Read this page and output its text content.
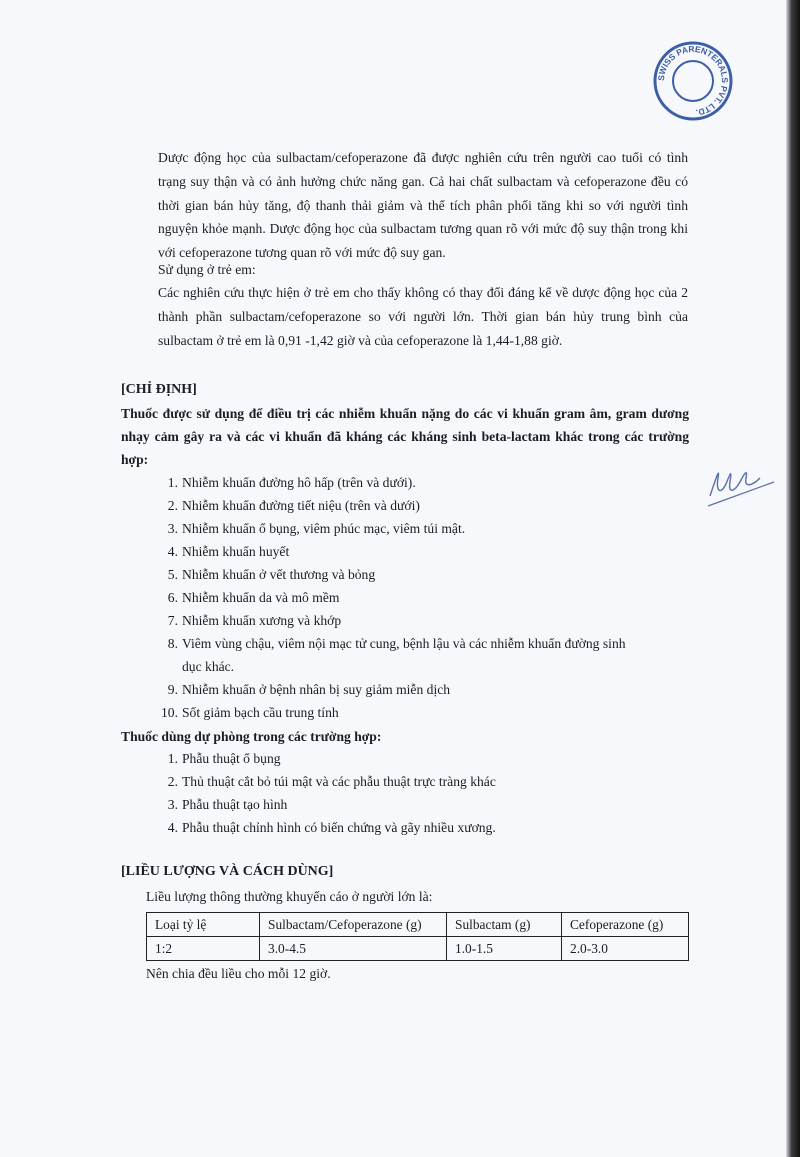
SWISS PARENTERALS PVT. LTD.
Dược động học của sulbactam/cefoperazone đã được nghiên cứu trên người cao tuổi có tình trạng suy thận và có ảnh hưởng chức năng gan. Cả hai chất sulbactam và cefoperazone đều có thời gian bán hủy tăng, độ thanh thải giảm và thể tích phân phối tăng khi so với người tình nguyện khỏe mạnh. Dược động học của sulbactam tương quan rõ với mức độ suy thận trong khi với cefoperazone tương quan rõ với mức độ suy gan.
Sử dụng ở trẻ em:
Các nghiên cứu thực hiện ở trẻ em cho thấy không có thay đổi đáng kể về dược động học của 2 thành phần sulbactam/cefoperazone so với người lớn. Thời gian bán hủy trung bình của sulbactam ở trẻ em là 0,91 -1,42 giờ và của cefoperazone là 1,44-1,88 giờ.
[CHỈ ĐỊNH]
Thuốc được sử dụng để điều trị các nhiễm khuẩn nặng do các vi khuẩn gram âm, gram dương nhạy cảm gây ra và các vi khuẩn đã kháng các kháng sinh beta-lactam khác trong các trường hợp:
1. Nhiễm khuẩn đường hô hấp (trên và dưới).
2. Nhiễm khuẩn đường tiết niệu (trên và dưới)
3. Nhiễm khuẩn ổ bụng, viêm phúc mạc, viêm túi mật.
4. Nhiễm khuẩn huyết
5. Nhiễm khuẩn ở vết thương và bỏng
6. Nhiễm khuẩn da và mô mềm
7. Nhiễm khuẩn xương và khớp
8. Viêm vùng chậu, viêm nội mạc tử cung, bệnh lậu và các nhiễm khuẩn đường sinh
dục khác.
9. Nhiễm khuẩn ở bệnh nhân bị suy giảm miễn dịch
10. Sốt giảm bạch cầu trung tính
Thuốc dùng dự phòng trong các trường hợp:
1. Phẫu thuật ổ bụng
2. Thủ thuật cắt bỏ túi mật và các phẫu thuật trực tràng khác
3. Phẫu thuật tạo hình
4. Phẫu thuật chỉnh hình có biến chứng và gãy nhiều xương.
[LIỀU LƯỢNG VÀ CÁCH DÙNG]
Liều lượng thông thường khuyến cáo ở người lớn là:
Loại tỷ lệ	Sulbactam/Cefoperazone (g)	Sulbactam (g)	Cefoperazone (g)
1:2	3.0-4.5	1.0-1.5	2.0-3.0
Nên chia đều liều cho mỗi 12 giờ.
